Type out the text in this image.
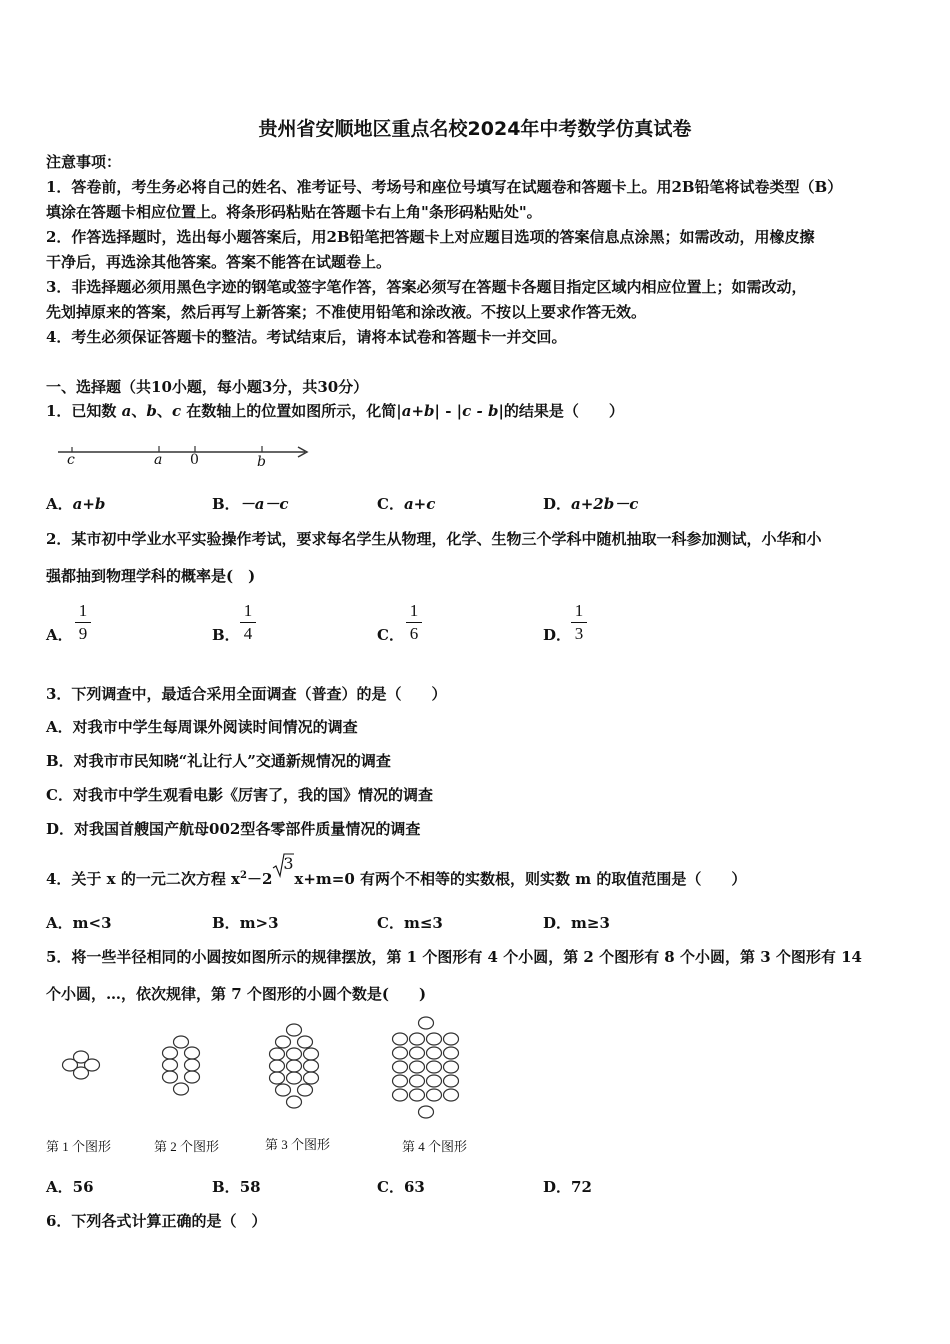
贵州省安顺地区重点名校2024年中考数学仿真试卷
注意事项：
1．答卷前，考生务必将自己的姓名、准考证号、考场号和座位号填写在试题卷和答题卡上。用2B铅笔将试卷类型（B）
填涂在答题卡相应位置上。将条形码粘贴在答题卡右上角"条形码粘贴处"。
2．作答选择题时，选出每小题答案后，用2B铅笔把答题卡上对应题目选项的答案信息点涂黑；如需改动，用橡皮擦
干净后，再选涂其他答案。答案不能答在试题卷上。
3．非选择题必须用黑色字迹的钢笔或签字笔作答，答案必须写在答题卡各题目指定区域内相应位置上；如需改动，
先划掉原来的答案，然后再写上新答案；不准使用铅笔和涂改液。不按以上要求作答无效。
4．考生必须保证答题卡的整洁。考试结束后，请将本试卷和答题卡一并交回。
一、选择题（共10小题，每小题3分，共30分）
1．已知数 a、b、c 在数轴上的位置如图所示，化简|a+b| - |c - b|的结果是（　　）
c	a 0	b
A．a+b	B．－a－c	C．a+c	D．a+2b－c
2．某市初中学业水平实验操作考试，要求每名学生从物理，化学、生物三个学科中随机抽取一科参加测试，小华和小
强都抽到物理学科的概率是(　)
A．
1
9	B．
1
4	C．
1
6	D．
1
3
3．下列调查中，最适合采用全面调查（普查）的是（　　）
A．对我市中学生每周课外阅读时间情况的调查
B．对我市市民知晓“礼让行人”交通新规情况的调查
C．对我市中学生观看电影《厉害了，我的国》情况的调查
D．对我国首艘国产航母002型各零部件质量情况的调查
4．关于 x 的一元二次方程 $x^2-2$
3
x+m=0 有两个不相等的实数根，则实数 m 的取值范围是（　　）
A．m<3	B．m>3	C．m≤3	D．m≥3
5．将一些半径相同的小圆按如图所示的规律摆放，第 1 个图形有 4 个小圆，第 2 个图形有 8 个小圆，第 3 个图形有 14
个小圆，…，依次规律，第 7 个图形的小圆个数是(　　)
第 1 个图形	第 2 个图形	第 3 个图形	第 4 个图形
A．56	B．58	C．63	D．72
6．下列各式计算正确的是（　）
